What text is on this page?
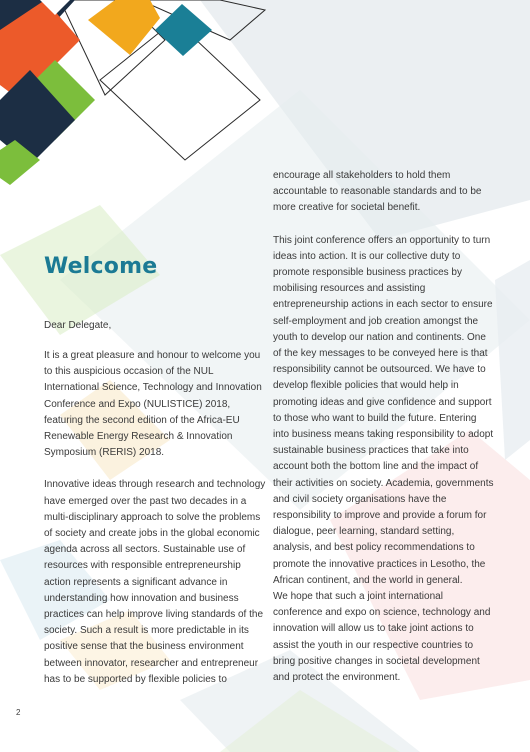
Welcome

Dear Delegate,

It is a great pleasure and honour to welcome you to this auspicious occasion of the NUL International Science, Technology and Innovation Conference and Expo (NULISTICE) 2018, featuring the second edition of the Africa-EU Renewable Energy Research & Innovation Symposium (RERIS) 2018.

Innovative ideas through research and technology have emerged over the past two decades in a multi-disciplinary approach to solve the problems of society and create jobs in the global economic agenda across all sectors. Sustainable use of resources with responsible entrepreneurship action represents a significant advance in understanding how innovation and business practices can help improve living standards of the society. Such a result is more predictable in its positive sense that the business environment between innovator, researcher and entrepreneur has to be supported by flexible policies to

encourage all stakeholders to hold them accountable to reasonable standards and to be more creative for societal benefit.

This joint conference offers an opportunity to turn ideas into action. It is our collective duty to promote responsible business practices by mobilising resources and assisting entrepreneurship actions in each sector to ensure self-employment and job creation amongst the youth to develop our nation and continents. One of the key messages to be conveyed here is that responsibility cannot be outsourced. We have to develop flexible policies that would help in promoting ideas and give confidence and support to those who want to build the future. Entering into business means taking responsibility to adopt sustainable business practices that take into account both the bottom line and the impact of their activities on society. Academia, governments and civil society organisations have the responsibility to improve and provide a forum for dialogue, peer learning, standard setting, analysis, and best policy recommendations to promote the innovative practices in Lesotho, the African continent, and the world in general.

We hope that such a joint international conference and expo on science, technology and innovation will allow us to take joint actions to assist the youth in our respective countries to bring positive changes in societal development and protect the environment.

2
